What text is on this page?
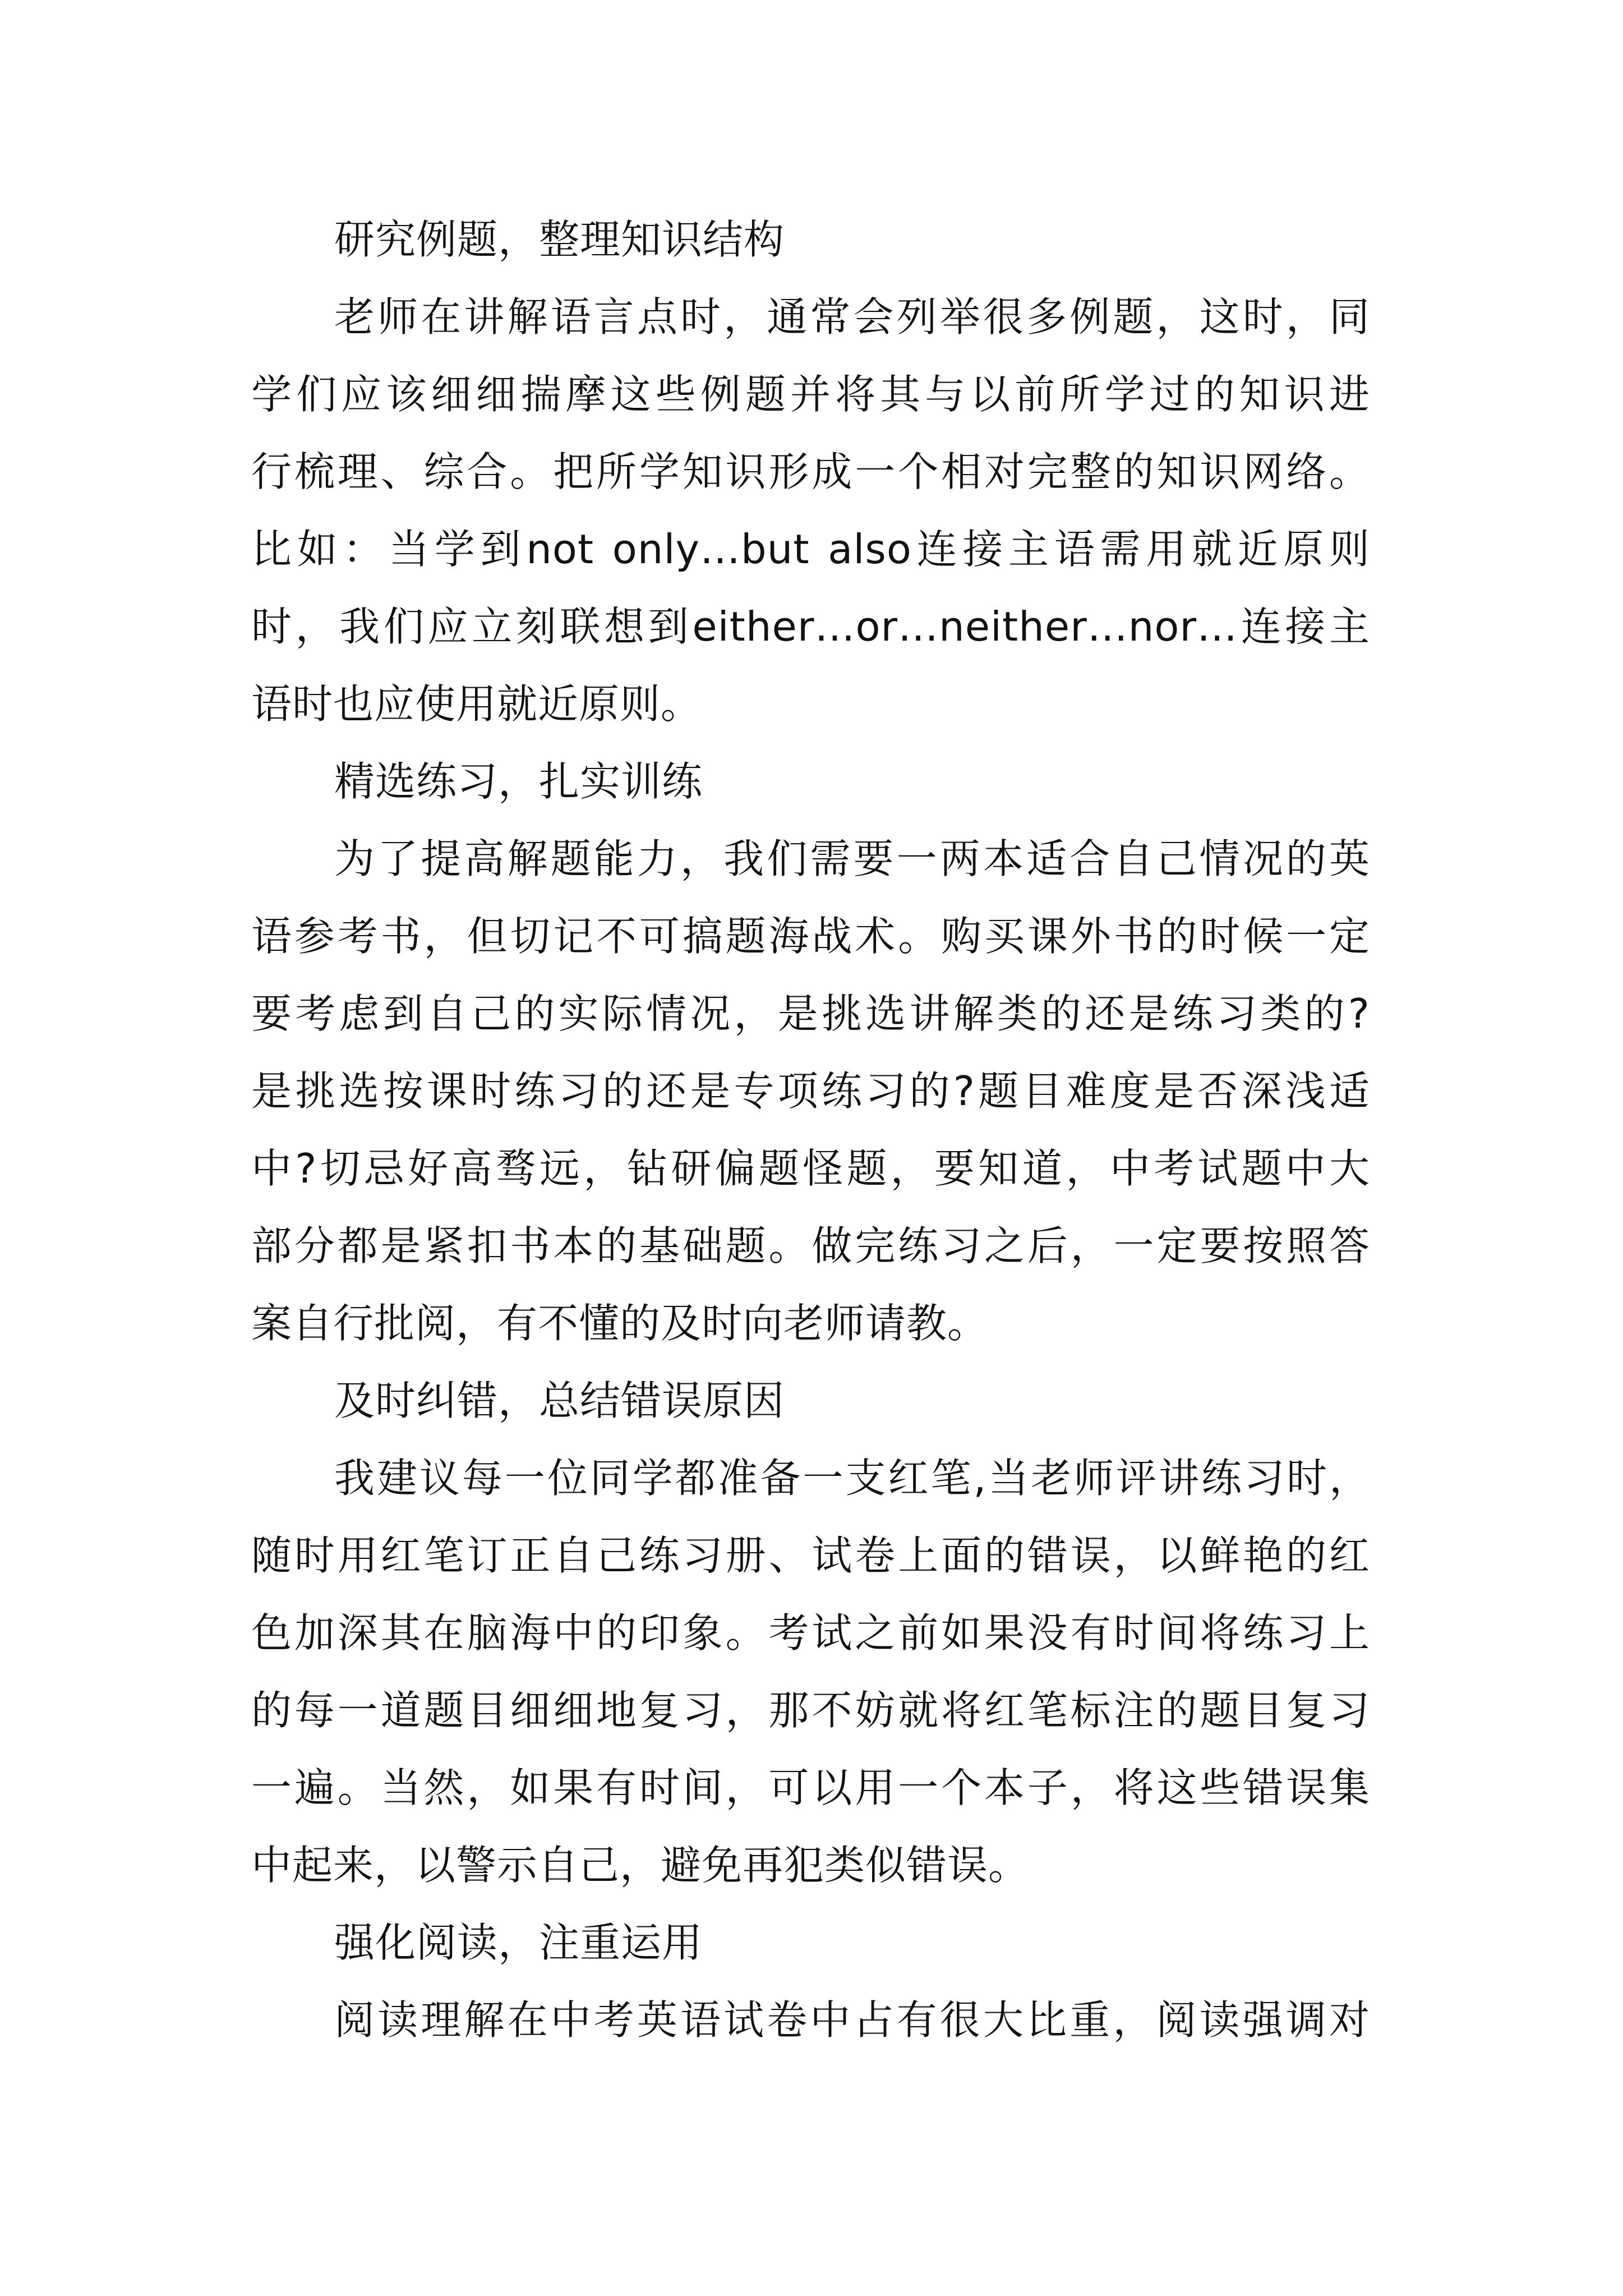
研究例题，整理知识结构
老师在讲解语言点时，通常会列举很多例题，这时，同
学们应该细细揣摩这些例题并将其与以前所学过的知识进
行梳理、综合。把所学知识形成一个相对完整的知识网络。
比如：当学到not only…but also连接主语需用就近原则
时，我们应立刻联想到either…or…neither…nor…连接主
语时也应使用就近原则。
精选练习，扎实训练
为了提高解题能力，我们需要一两本适合自己情况的英
语参考书，但切记不可搞题海战术。购买课外书的时候一定
要考虑到自己的实际情况，是挑选讲解类的还是练习类的?
是挑选按课时练习的还是专项练习的?题目难度是否深浅适
中?切忌好高骛远，钻研偏题怪题，要知道，中考试题中大
部分都是紧扣书本的基础题。做完练习之后，一定要按照答
案自行批阅，有不懂的及时向老师请教。
及时纠错，总结错误原因
我建议每一位同学都准备一支红笔,当老师评讲练习时，
随时用红笔订正自己练习册、试卷上面的错误，以鲜艳的红
色加深其在脑海中的印象。考试之前如果没有时间将练习上
的每一道题目细细地复习，那不妨就将红笔标注的题目复习
一遍。当然，如果有时间，可以用一个本子，将这些错误集
中起来，以警示自己，避免再犯类似错误。
强化阅读，注重运用
阅读理解在中考英语试卷中占有很大比重，阅读强调对
